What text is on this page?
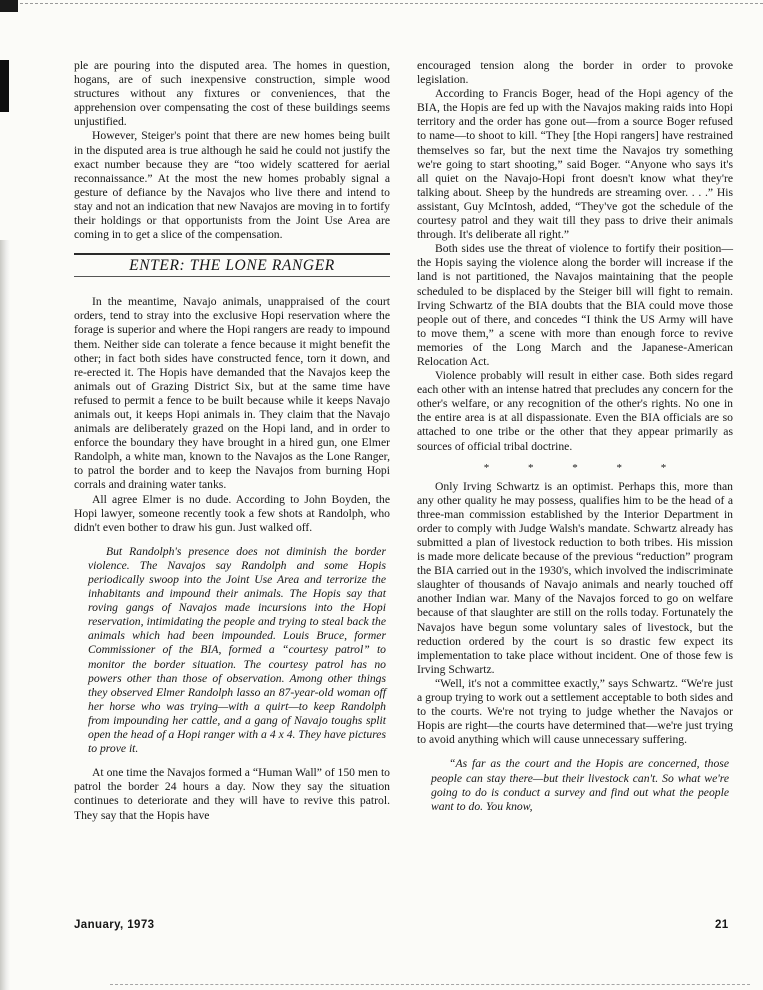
ple are pouring into the disputed area. The homes in question, hogans, are of such inexpensive construction, simple wood structures without any fixtures or conveniences, that the apprehension over compensating the cost of these buildings seems unjustified.

However, Steiger's point that there are new homes being built in the disputed area is true although he said he could not justify the exact number because they are “too widely scattered for aerial reconnaissance.” At the most the new homes probably signal a gesture of defiance by the Navajos who live there and intend to stay and not an indication that new Navajos are moving in to fortify their holdings or that opportunists from the Joint Use Area are coming in to get a slice of the compensation.

ENTER: THE LONE RANGER

In the meantime, Navajo animals, unappraised of the court orders, tend to stray into the exclusive Hopi reservation where the forage is superior and where the Hopi rangers are ready to impound them. Neither side can tolerate a fence because it might benefit the other; in fact both sides have constructed fence, torn it down, and re-erected it. The Hopis have demanded that the Navajos keep the animals out of Grazing District Six, but at the same time have refused to permit a fence to be built because while it keeps Navajo animals out, it keeps Hopi animals in. They claim that the Navajo animals are deliberately grazed on the Hopi land, and in order to enforce the boundary they have brought in a hired gun, one Elmer Randolph, a white man, known to the Navajos as the Lone Ranger, to patrol the border and to keep the Navajos from burning Hopi corrals and draining water tanks.

All agree Elmer is no dude. According to John Boyden, the Hopi lawyer, someone recently took a few shots at Randolph, who didn't even bother to draw his gun. Just walked off.

But Randolph's presence does not diminish the border violence. The Navajos say Randolph and some Hopis periodically swoop into the Joint Use Area and terrorize the inhabitants and impound their animals. The Hopis say that roving gangs of Navajos made incursions into the Hopi reservation, intimidating the people and trying to steal back the animals which had been impounded. Louis Bruce, former Commissioner of the BIA, formed a “courtesy patrol” to monitor the border situation. The courtesy patrol has no powers other than those of observation. Among other things they observed Elmer Randolph lasso an 87-year-old woman off her horse who was trying—with a quirt—to keep Randolph from impounding her cattle, and a gang of Navajo toughs split open the head of a Hopi ranger with a 4 x 4. They have pictures to prove it.

At one time the Navajos formed a “Human Wall” of 150 men to patrol the border 24 hours a day. Now they say the situation continues to deteriorate and they will have to revive this patrol. They say that the Hopis have

encouraged tension along the border in order to provoke legislation.

According to Francis Boger, head of the Hopi agency of the BIA, the Hopis are fed up with the Navajos making raids into Hopi territory and the order has gone out—from a source Boger refused to name—to shoot to kill. “They [the Hopi rangers] have restrained themselves so far, but the next time the Navajos try something we're going to start shooting,” said Boger. “Anyone who says it's all quiet on the Navajo-Hopi front doesn't know what they're talking about. Sheep by the hundreds are streaming over. . . .” His assistant, Guy McIntosh, added, “They've got the schedule of the courtesy patrol and they wait till they pass to drive their animals through. It's deliberate all right.”

Both sides use the threat of violence to fortify their position—the Hopis saying the violence along the border will increase if the land is not partitioned, the Navajos maintaining that the people scheduled to be displaced by the Steiger bill will fight to remain. Irving Schwartz of the BIA doubts that the BIA could move those people out of there, and concedes “I think the US Army will have to move them,” a scene with more than enough force to revive memories of the Long March and the Japanese-American Relocation Act.

Violence probably will result in either case. Both sides regard each other with an intense hatred that precludes any concern for the other's welfare, or any recognition of the other's rights. No one in the entire area is at all dispassionate. Even the BIA officials are so attached to one tribe or the other that they appear primarily as sources of official tribal doctrine.

* * * * *

Only Irving Schwartz is an optimist. Perhaps this, more than any other quality he may possess, qualifies him to be the head of a three-man commission established by the Interior Department in order to comply with Judge Walsh's mandate. Schwartz already has submitted a plan of livestock reduction to both tribes. His mission is made more delicate because of the previous “reduction” program the BIA carried out in the 1930's, which involved the indiscriminate slaughter of thousands of Navajo animals and nearly touched off another Indian war. Many of the Navajos forced to go on welfare because of that slaughter are still on the rolls today. Fortunately the Navajos have begun some voluntary sales of livestock, but the reduction ordered by the court is so drastic few expect its implementation to take place without incident. One of those few is Irving Schwartz.

“Well, it's not a committee exactly,” says Schwartz. “We're just a group trying to work out a settlement acceptable to both sides and to the courts. We're not trying to judge whether the Navajos or Hopis are right—the courts have determined that—we're just trying to avoid anything which will cause unnecessary suffering.

“As far as the court and the Hopis are concerned, those people can stay there—but their livestock can't. So what we're going to do is conduct a survey and find out what the people want to do. You know,

January, 1973	21
